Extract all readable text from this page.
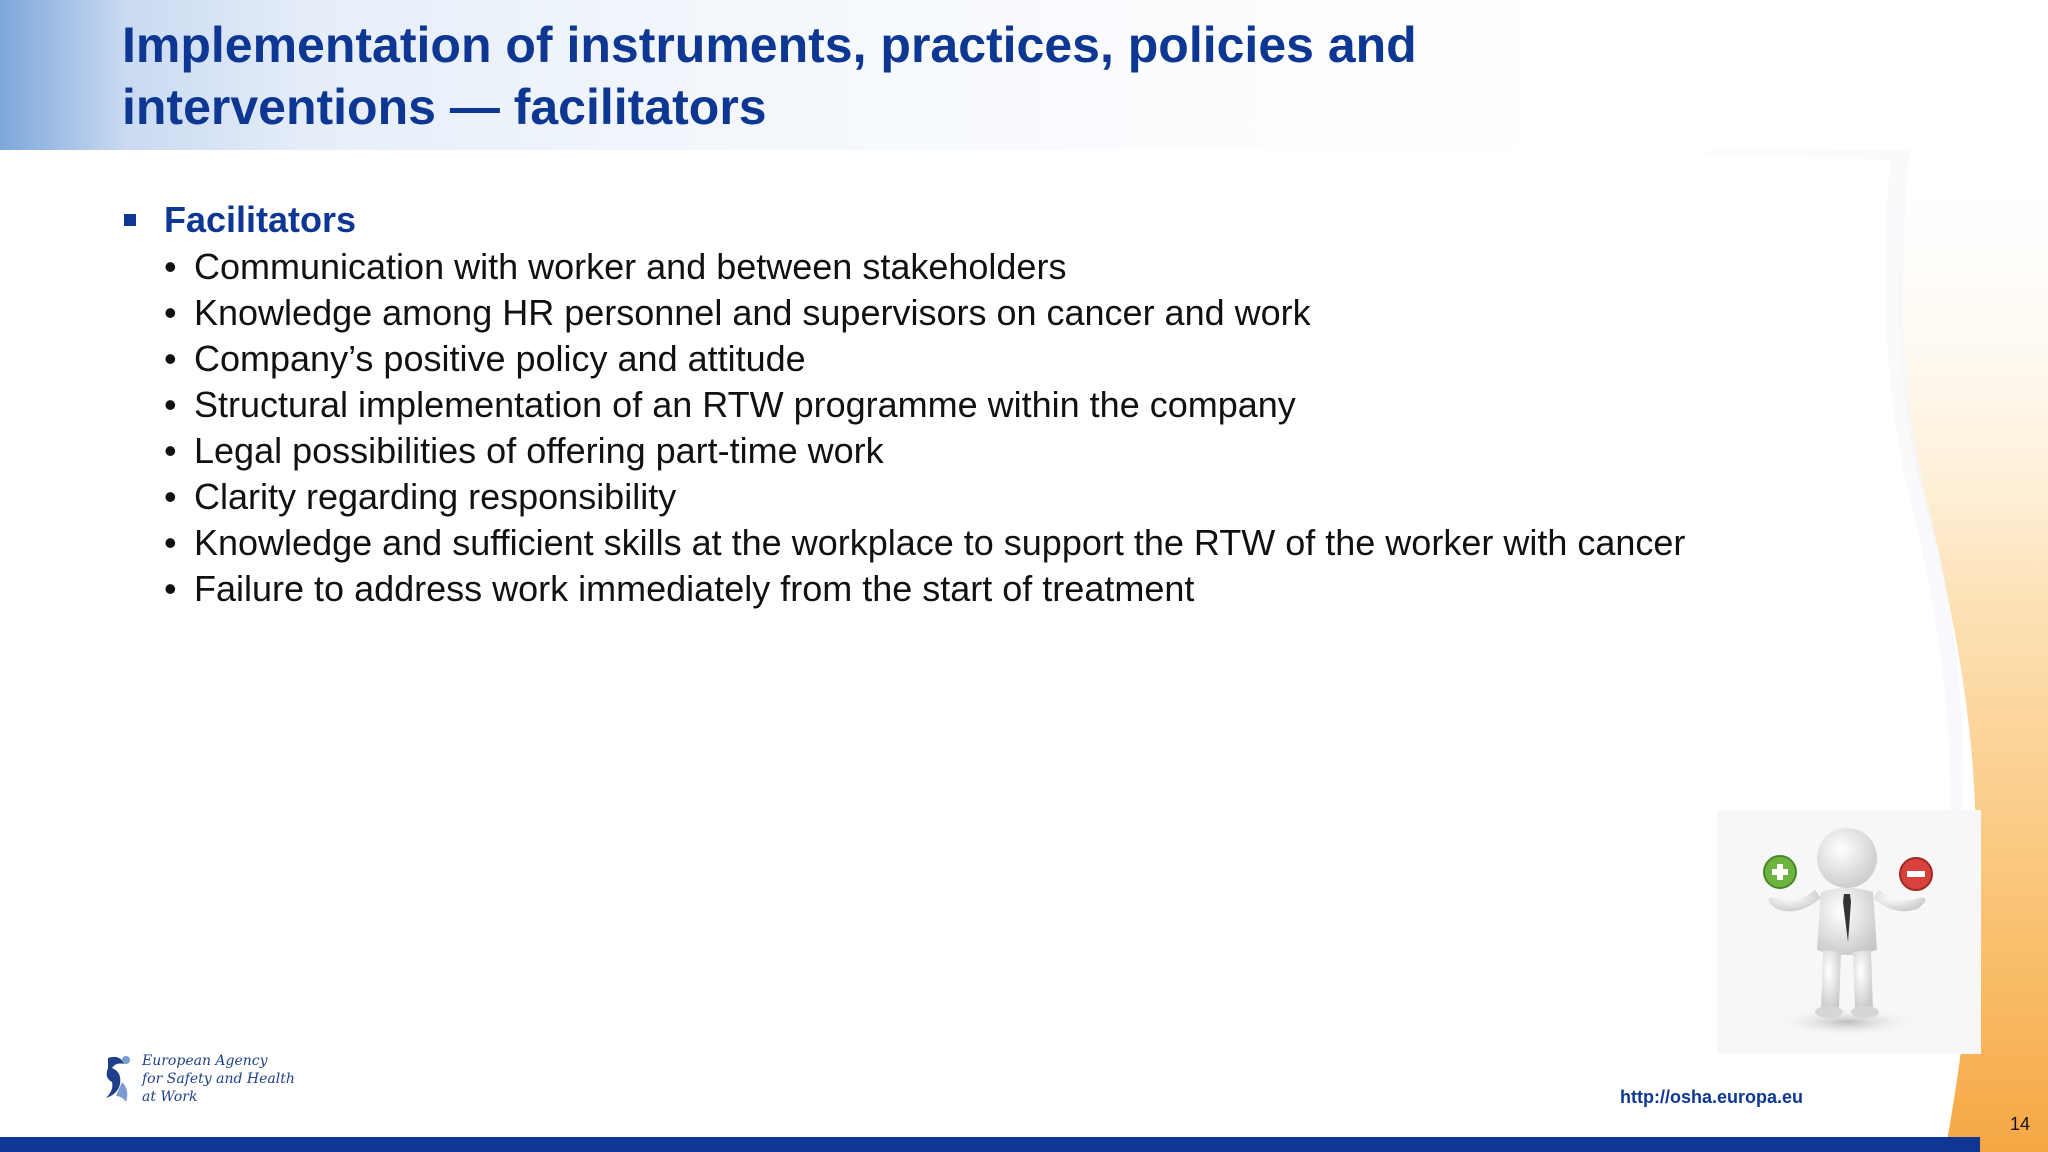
Implementation of instruments, practices, policies and
interventions — facilitators
Facilitators
• Communication with worker and between stakeholders
• Knowledge among HR personnel and supervisors on cancer and work
• Company’s positive policy and attitude
• Structural implementation of an RTW programme within the company
• Legal possibilities of offering part-time work
• Clarity regarding responsibility
• Knowledge and sufficient skills at the workplace to support the RTW of the worker with cancer
• Failure to address work immediately from the start of treatment
European Agency
for Safety and Health
at Work	http://osha.europa.eu
14
